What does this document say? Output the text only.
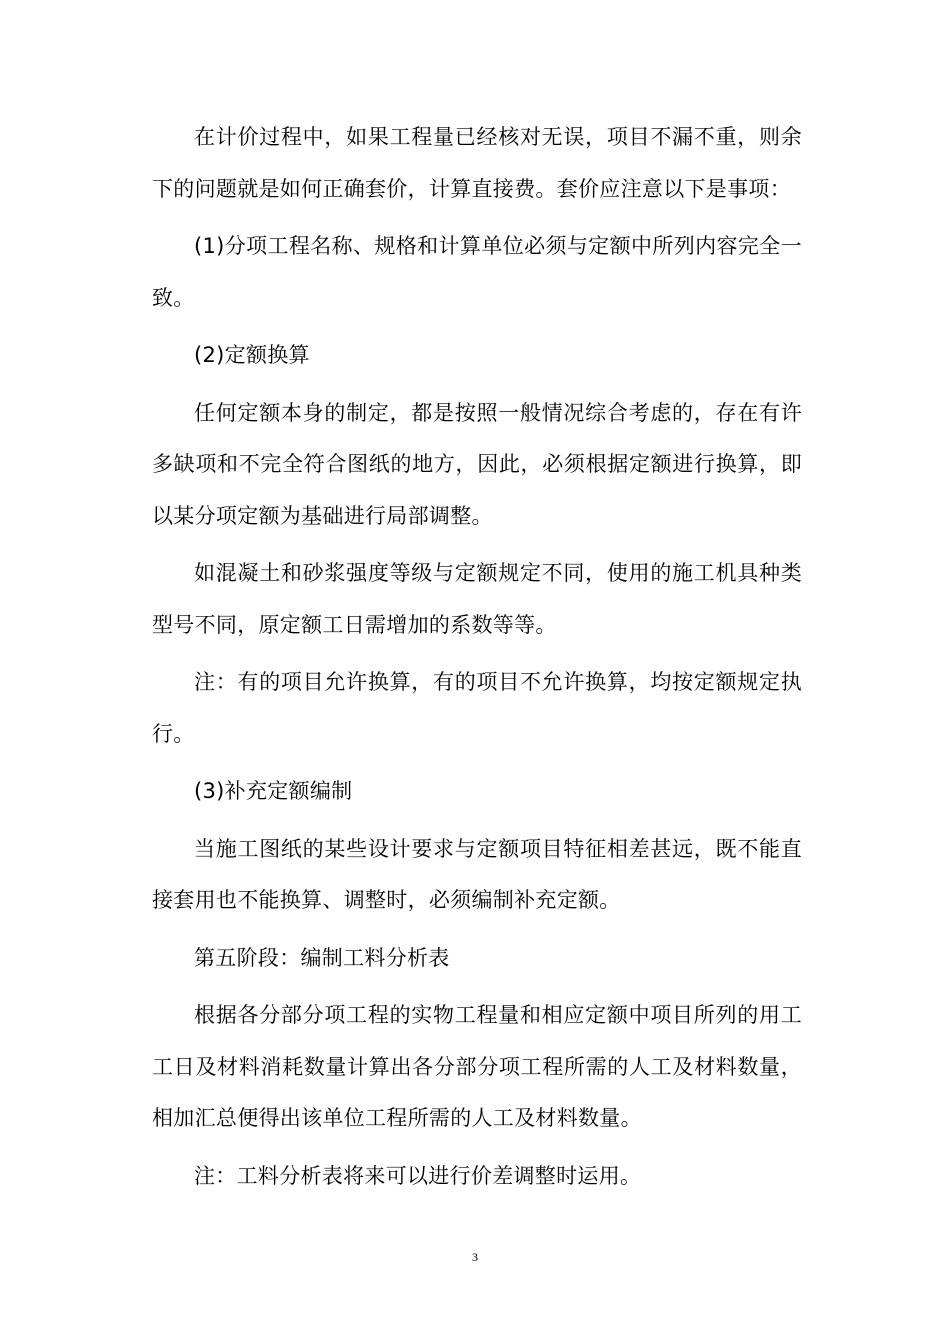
在计价过程中，如果工程量已经核对无误，项目不漏不重，则余下的问题就是如何正确套价，计算直接费。套价应注意以下是事项：

(1)分项工程名称、规格和计算单位必须与定额中所列内容完全一致。

(2)定额换算

任何定额本身的制定，都是按照一般情况综合考虑的，存在有许多缺项和不完全符合图纸的地方，因此，必须根据定额进行换算，即以某分项定额为基础进行局部调整。

如混凝土和砂浆强度等级与定额规定不同，使用的施工机具种类型号不同，原定额工日需增加的系数等等。

注：有的项目允许换算，有的项目不允许换算，均按定额规定执行。

(3)补充定额编制

当施工图纸的某些设计要求与定额项目特征相差甚远，既不能直接套用也不能换算、调整时，必须编制补充定额。

第五阶段：编制工料分析表

根据各分部分项工程的实物工程量和相应定额中项目所列的用工工日及材料消耗数量计算出各分部分项工程所需的人工及材料数量，相加汇总便得出该单位工程所需的人工及材料数量。

注：工料分析表将来可以进行价差调整时运用。

3
